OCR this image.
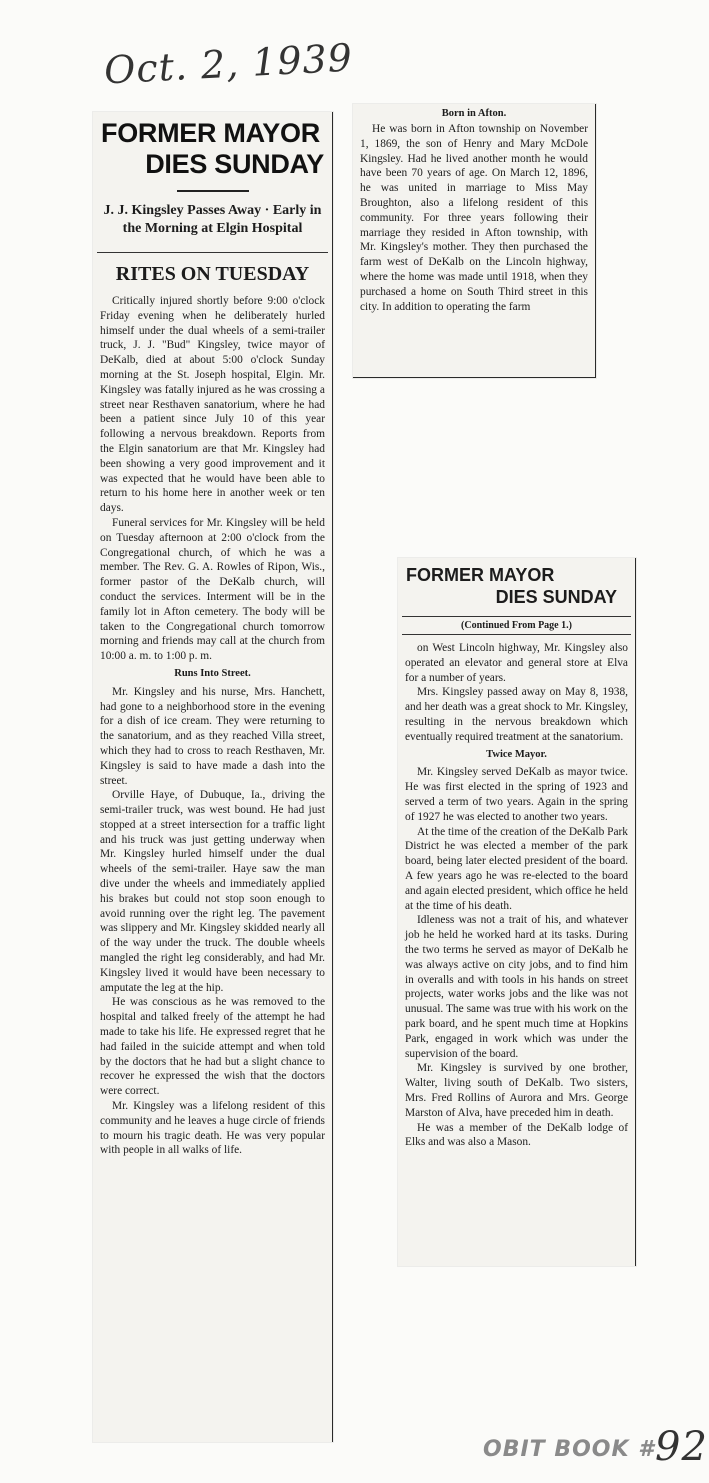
Oct. 2, 1939
FORMER MAYOR
DIES SUNDAY
J. J. Kingsley Passes Away · Early in the Morning at Elgin Hospital
RITES ON TUESDAY

Critically injured shortly before 9:00 o'clock Friday evening when he deliberately hurled himself under the dual wheels of a semi-trailer truck, J. J. "Bud" Kingsley, twice mayor of DeKalb, died at about 5:00 o'clock Sunday morning at the St. Joseph hospital, Elgin. Mr. Kingsley was fatally injured as he was crossing a street near Resthaven sanatorium, where he had been a patient since July 10 of this year following a nervous breakdown. Reports from the Elgin sanatorium are that Mr. Kingsley had been showing a very good improvement and it was expected that he would have been able to return to his home here in another week or ten days.

Funeral services for Mr. Kingsley will be held on Tuesday afternoon at 2:00 o'clock from the Congregational church, of which he was a member. The Rev. G. A. Rowles of Ripon, Wis., former pastor of the DeKalb church, will conduct the services. Interment will be in the family lot in Afton cemetery. The body will be taken to the Congregational church tomorrow morning and friends may call at the church from 10:00 a. m. to 1:00 p. m.

Runs Into Street.

Mr. Kingsley and his nurse, Mrs. Hanchett, had gone to a neighborhood store in the evening for a dish of ice cream. They were returning to the sanatorium, and as they reached Villa street, which they had to cross to reach Resthaven, Mr. Kingsley is said to have made a dash into the street.

Orville Haye, of Dubuque, Ia., driving the semi-trailer truck, was west bound. He had just stopped at a street intersection for a traffic light and his truck was just getting underway when Mr. Kingsley hurled himself under the dual wheels of the semi-trailer. Haye saw the man dive under the wheels and immediately applied his brakes but could not stop soon enough to avoid running over the right leg. The pavement was slippery and Mr. Kingsley skidded nearly all of the way under the truck. The double wheels mangled the right leg considerably, and had Mr. Kingsley lived it would have been necessary to amputate the leg at the hip.

He was conscious as he was removed to the hospital and talked freely of the attempt he had made to take his life. He expressed regret that he had failed in the suicide attempt and when told by the doctors that he had but a slight chance to recover he expressed the wish that the doctors were correct.

Mr. Kingsley was a lifelong resident of this community and he leaves a huge circle of friends to mourn his tragic death. He was very popular with people in all walks of life.

Born in Afton.

He was born in Afton township on November 1, 1869, the son of Henry and Mary McDole Kingsley. Had he lived another month he would have been 70 years of age. On March 12, 1896, he was united in marriage to Miss May Broughton, also a lifelong resident of this community. For three years following their marriage they resided in Afton township, with Mr. Kingsley's mother. They then purchased the farm west of DeKalb on the Lincoln highway, where the home was made until 1918, when they purchased a home on South Third street in this city. In addition to operating the farm

FORMER MAYOR
DIES SUNDAY
(Continued From Page 1.)

on West Lincoln highway, Mr. Kingsley also operated an elevator and general store at Elva for a number of years.

Mrs. Kingsley passed away on May 8, 1938, and her death was a great shock to Mr. Kingsley, resulting in the nervous breakdown which eventually required treatment at the sanatorium.

Twice Mayor.

Mr. Kingsley served DeKalb as mayor twice. He was first elected in the spring of 1923 and served a term of two years. Again in the spring of 1927 he was elected to another two years.

At the time of the creation of the DeKalb Park District he was elected a member of the park board, being later elected president of the board. A few years ago he was re-elected to the board and again elected president, which office he held at the time of his death.

Idleness was not a trait of his, and whatever job he held he worked hard at its tasks. During the two terms he served as mayor of DeKalb he was always active on city jobs, and to find him in overalls and with tools in his hands on street projects, water works jobs and the like was not unusual. The same was true with his work on the park board, and he spent much time at Hopkins Park, engaged in work which was under the supervision of the board.

Mr. Kingsley is survived by one brother, Walter, living south of DeKalb. Two sisters, Mrs. Fred Rollins of Aurora and Mrs. George Marston of Alva, have preceded him in death.

He was a member of the DeKalb lodge of Elks and was also a Mason.

OBIT BOOK # 92
